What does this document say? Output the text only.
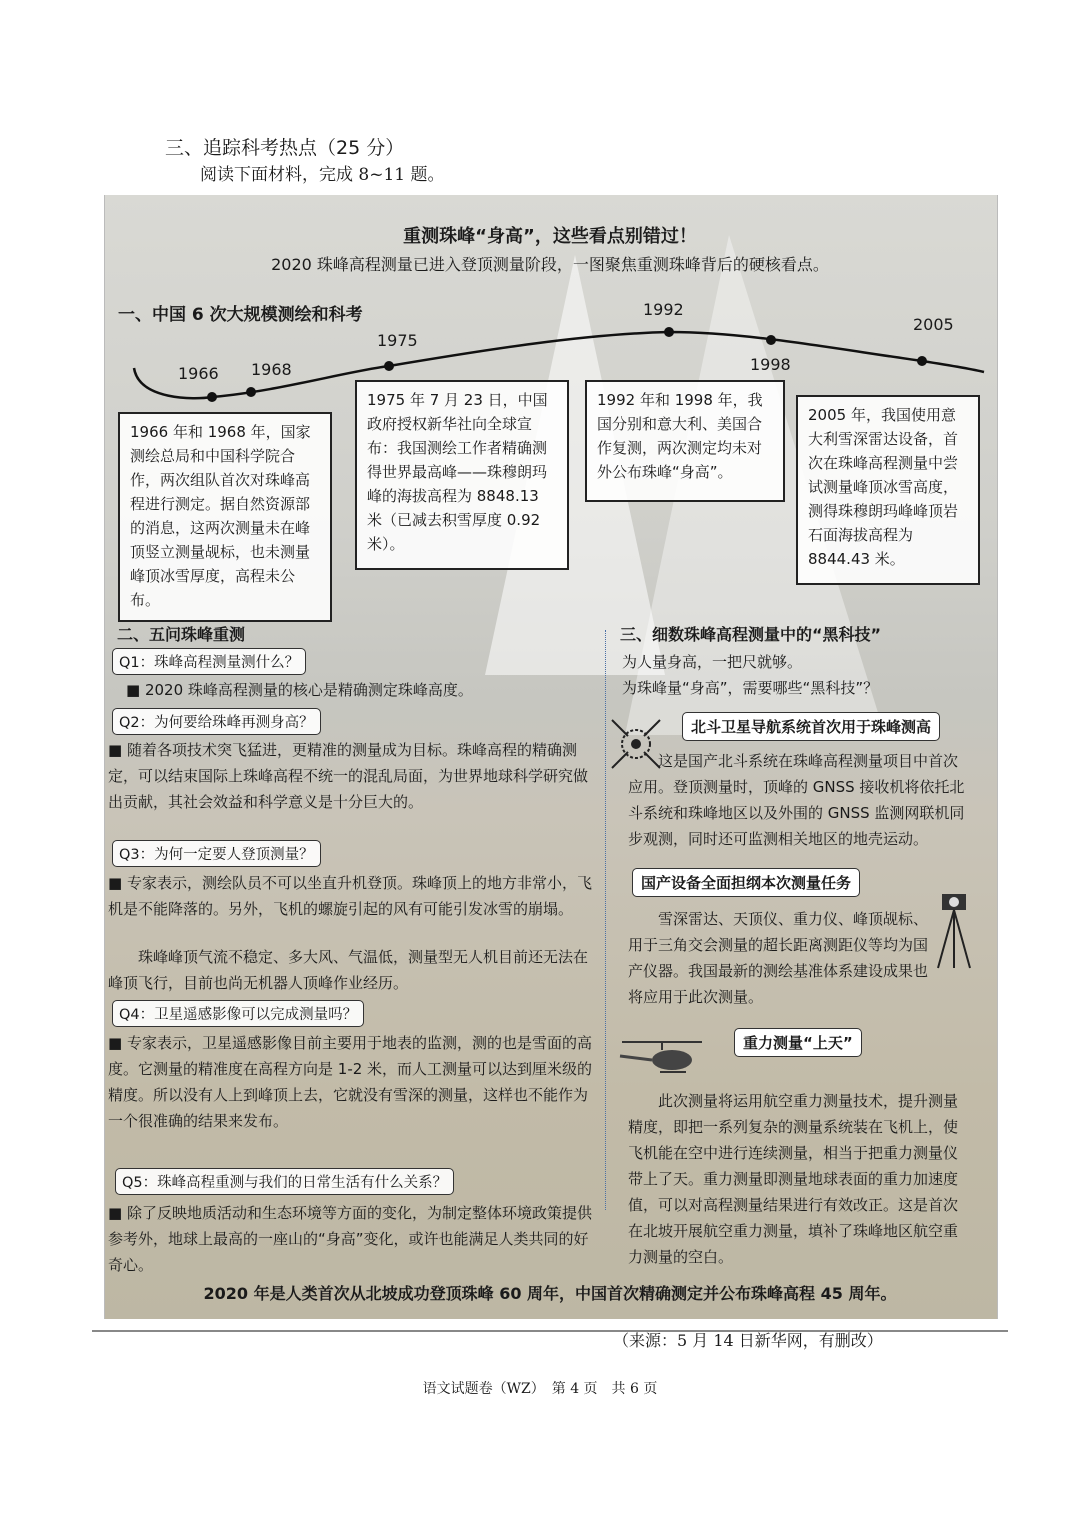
三、追踪科考热点（25 分）
阅读下面材料，完成 8~11 题。
重测珠峰“身高”，这些看点别错过！
2020 珠峰高程测量已进入登顶测量阶段，一图聚焦重测珠峰背后的硬核看点。
一、中国 6 次大规模测绘和科考
1966 1968
1975
1992
1998
2005
1966 年和 1968 年，国家测绘总局和中国科学院合作，两次组队首次对珠峰高程进行测定。据自然资源部的消息，这两次测量未在峰顶竖立测量觇标，也未测量峰顶冰雪厚度，高程未公布。
1975 年 7 月 23 日，中国政府授权新华社向全球宣布：我国测绘工作者精确测得世界最高峰——珠穆朗玛峰的海拔高程为 8848.13 米（已减去积雪厚度 0.92 米）。
1992 年和 1998 年，我国分别和意大利、美国合作复测，两次测定均未对外公布珠峰“身高”。
2005 年，我国使用意大利雪深雷达设备，首次在珠峰高程测量中尝试测量峰顶冰雪高度，测得珠穆朗玛峰峰顶岩石面海拔高程为 8844.43 米。
二、五问珠峰重测
Q1：珠峰高程测量测什么？
■ 2020 珠峰高程测量的核心是精确测定珠峰高度。
Q2：为何要给珠峰再测身高？
■ 随着各项技术突飞猛进，更精准的测量成为目标。珠峰高程的精确测定，可以结束国际上珠峰高程不统一的混乱局面，为世界地球科学研究做出贡献，其社会效益和科学意义是十分巨大的。
Q3：为何一定要人登顶测量？
■ 专家表示，测绘队员不可以坐直升机登顶。珠峰顶上的地方非常小，飞机是不能降落的。另外，飞机的螺旋引起的风有可能引发冰雪的崩塌。
珠峰峰顶气流不稳定、多大风、气温低，测量型无人机目前还无法在峰顶飞行，目前也尚无机器人顶峰作业经历。
Q4：卫星遥感影像可以完成测量吗？
■ 专家表示，卫星遥感影像目前主要用于地表的监测，测的也是雪面的高度。它测量的精准度在高程方向是 1-2 米，而人工测量可以达到厘米级的精度。所以没有人上到峰顶上去，它就没有雪深的测量，这样也不能作为一个很准确的结果来发布。
Q5：珠峰高程重测与我们的日常生活有什么关系？
■ 除了反映地质活动和生态环境等方面的变化，为制定整体环境政策提供参考外，地球上最高的一座山的“身高”变化，或许也能满足人类共同的好奇心。
三、细数珠峰高程测量中的“黑科技”
为人量身高，一把尺就够。
为珠峰量“身高”，需要哪些“黑科技”？
北斗卫星导航系统首次用于珠峰测高
这是国产北斗系统在珠峰高程测量项目中首次应用。登顶测量时，顶峰的 GNSS 接收机将依托北斗系统和珠峰地区以及外围的 GNSS 监测网联机同步观测，同时还可监测相关地区的地壳运动。
国产设备全面担纲本次测量任务
雪深雷达、天顶仪、重力仪、峰顶觇标、用于三角交会测量的超长距离测距仪等均为国产仪器。我国最新的测绘基准体系建设成果也将应用于此次测量。
重力测量“上天”
此次测量将运用航空重力测量技术，提升测量精度，即把一系列复杂的测量系统装在飞机上，使飞机能在空中进行连续测量，相当于把重力测量仪带上了天。重力测量即测量地球表面的重力加速度值，可以对高程测量结果进行有效改正。这是首次在北坡开展航空重力测量，填补了珠峰地区航空重力测量的空白。
2020 年是人类首次从北坡成功登顶珠峰 60 周年，中国首次精确测定并公布珠峰高程 45 周年。
（来源：5 月 14 日新华网，有删改）
语文试题卷（WZ）　第 4 页　共 6 页
